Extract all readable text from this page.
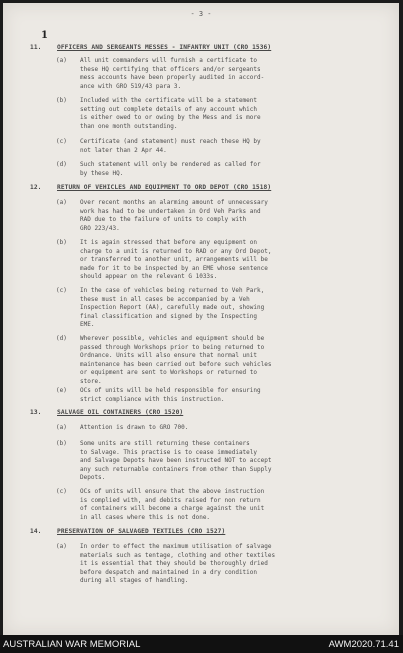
- 3 -
1
11.	OFFICERS AND SERGEANTS MESSES - INFANTRY UNIT (CRO 1536)
(a) All unit commanders will furnish a certificate to
these HQ certifying that officers and/or sergeants
mess accounts have been properly audited in accord-
ance with GRO 519/43 para 3.
(b) Included with the certificate will be a statement
setting out complete details of any account which
is either owed to or owing by the Mess and is more
than one month outstanding.
(c) Certificate (and statement) must reach these HQ by
not later than 2 Apr 44.
(d) Such statement will only be rendered as called for
by these HQ.
12.	RETURN OF VEHICLES AND EQUIPMENT TO ORD DEPOT (CRO 1518)
(a) Over recent months an alarming amount of unnecessary
work has had to be undertaken in Ord Veh Parks and
RAD due to the failure of units to comply with
GRO 223/43.
(b) It is again stressed that before any equipment on
charge to a unit is returned to RAD or any Ord Depot,
or transferred to another unit, arrangements will be
made for it to be inspected by an EME whose sentence
should appear on the relevant G 1033s.
(c) In the case of vehicles being returned to Veh Park,
these must in all cases be accompanied by a Veh
Inspection Report (AA), carefully made out, showing
final classification and signed by the Inspecting
EME.
(d) Wherever possible, vehicles and equipment should be
passed through Workshops prior to being returned to
Ordnance. Units will also ensure that normal unit
maintenance has been carried out before such vehicles
or equipment are sent to Workshops or returned to
store.
(e) OCs of units will be held responsible for ensuring
strict compliance with this instruction.
13.	SALVAGE OIL CONTAINERS (CRO 1520)
(a) Attention is drawn to GRO 700.
(b) Some units are still returning these containers
to Salvage. This practise is to cease immediately
and Salvage Depots have been instructed NOT to accept
any such returnable containers from other than Supply
Depots.
(c) OCs of units will ensure that the above instruction
is complied with, and debits raised for non return
of containers will become a charge against the unit
in all cases where this is not done.
14.	PRESERVATION OF SALVAGED TEXTILES (CRO 1527)
(a) In order to effect the maximum utilisation of salvage
materials such as tentage, clothing and other textiles
it is essential that they should be thoroughly dried
before despatch and maintained in a dry condition
during all stages of handling.
AUSTRALIAN WAR MEMORIAL	AWM2020.71.41
